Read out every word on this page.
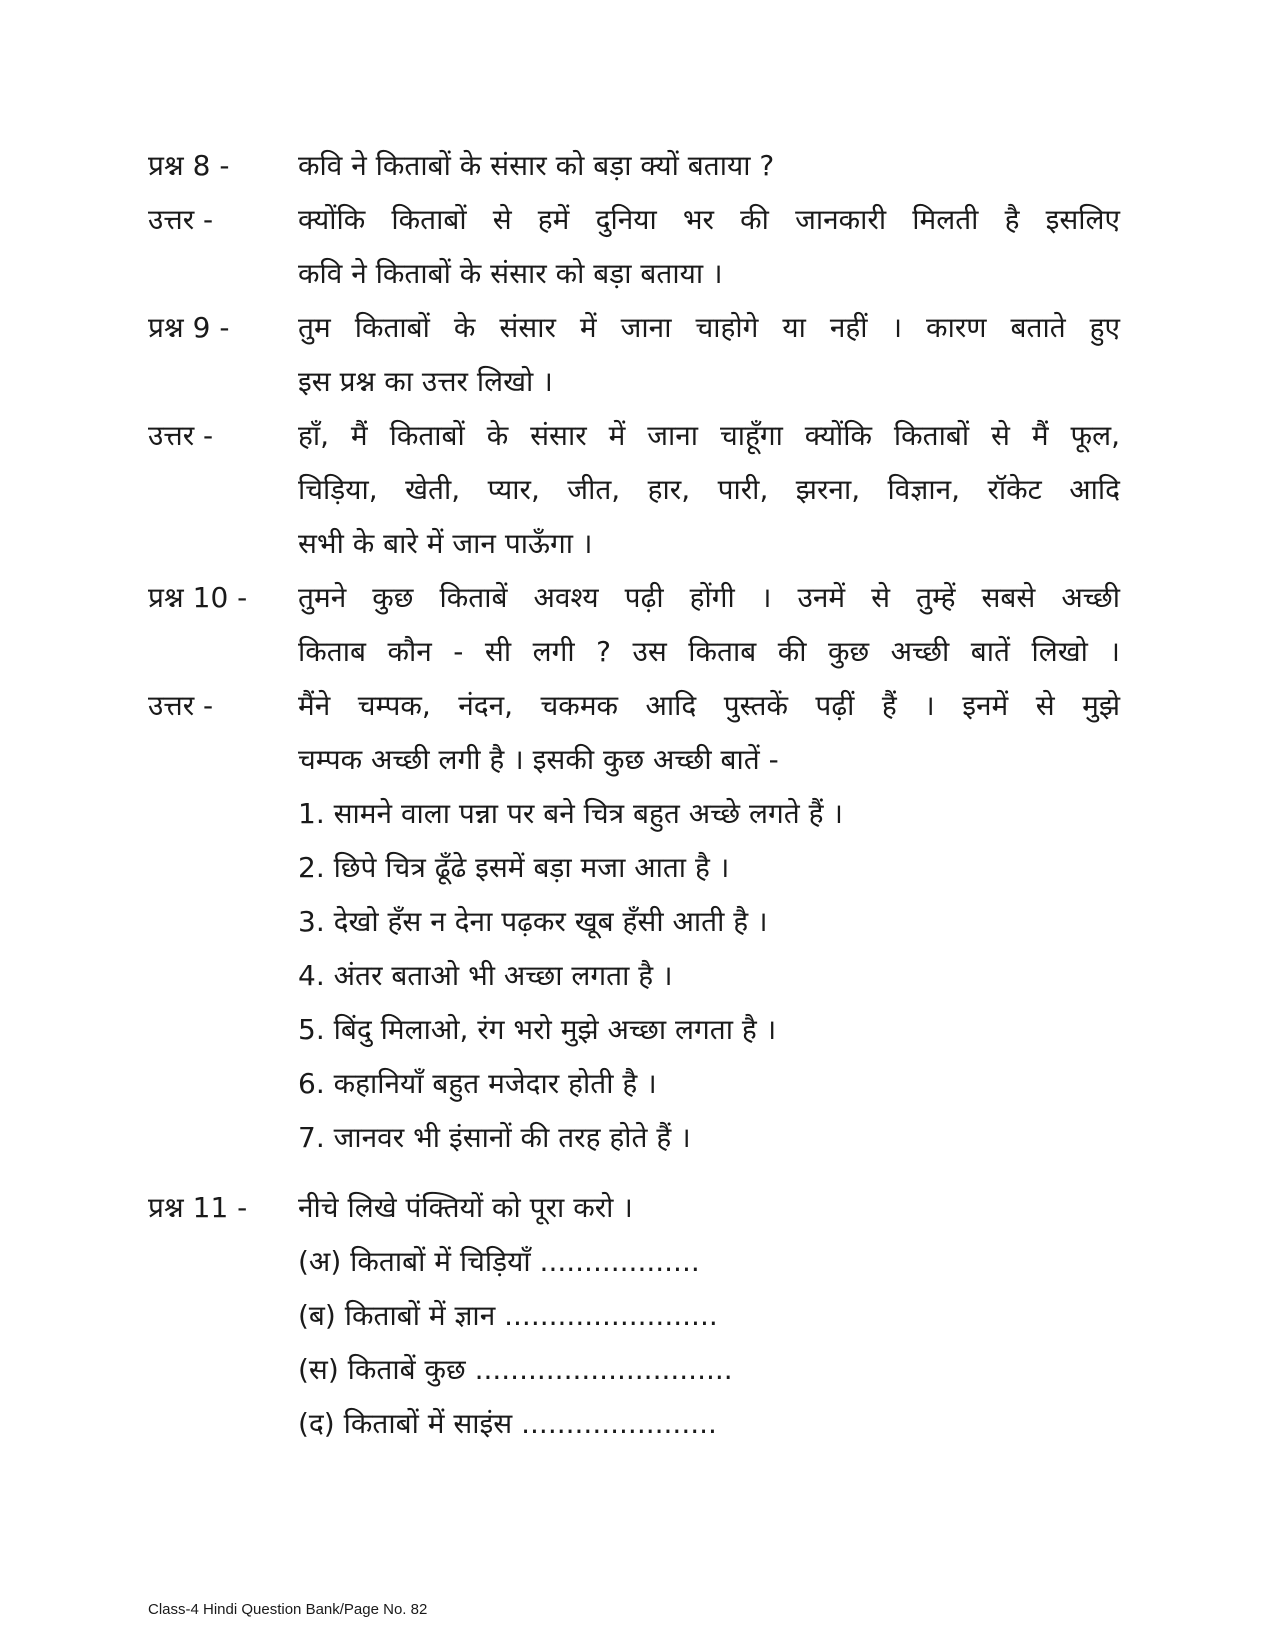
प्रश्न 8 - कवि ने किताबों के संसार को बड़ा क्यों बताया ?
उत्तर -	क्योंकि किताबों से हमें दुनिया भर की जानकारी मिलती है इसलिए
कवि ने किताबों के संसार को बड़ा बताया ।
प्रश्न 9 - तुम किताबों के संसार में जाना चाहोगे या नहीं । कारण बताते हुए
इस प्रश्न का उत्तर लिखो ।
उत्तर -	हाँ, मैं किताबों के संसार में जाना चाहूँगा क्योंकि किताबों से मैं फूल,
चिड़िया, खेती, प्यार, जीत, हार, पारी, झरना, विज्ञान, रॉकेट आदि
सभी के बारे में जान पाऊँगा ।
प्रश्न 10 - तुमने कुछ किताबें अवश्य पढ़ी होंगी । उनमें से तुम्हें सबसे अच्छी
किताब कौन - सी लगी ? उस किताब की कुछ अच्छी बातें लिखो ।
उत्तर -	मैंने चम्पक, नंदन, चकमक आदि पुस्तकें पढ़ीं हैं । इनमें से मुझे
चम्पक अच्छी लगी है । इसकी कुछ अच्छी बातें -
1. सामने वाला पन्ना पर बने चित्र बहुत अच्छे लगते हैं ।
2. छिपे चित्र ढूँढे इसमें बड़ा मजा आता है ।
3. देखो हँस न देना पढ़कर खूब हँसी आती है ।
4. अंतर बताओ भी अच्छा लगता है ।
5. बिंदु मिलाओ, रंग भरो मुझे अच्छा लगता है ।
6. कहानियाँ बहुत मजेदार होती है ।
7. जानवर भी इंसानों की तरह होते हैं ।
प्रश्न 11 - नीचे लिखे पंक्तियों को पूरा करो ।
(अ) किताबों में चिड़ियाँ ..................
(ब) किताबों में ज्ञान ........................
(स) किताबें कुछ .............................
(द) किताबों में साइंस ......................
Class-4 Hindi Question Bank/Page No. 82
